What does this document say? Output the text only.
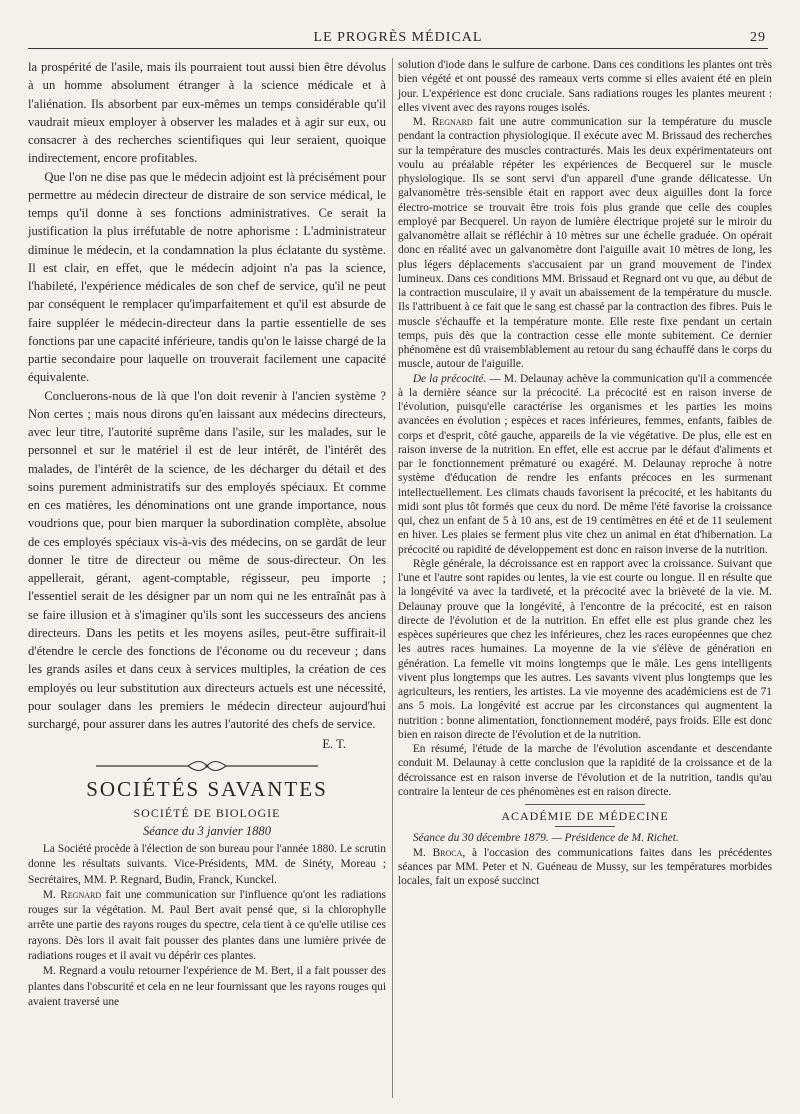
LE PROGRÈS MÉDICAL	29

la prospérité de l'asile, mais ils pourraient tout aussi bien être dévolus à un homme absolument étranger à la science médicale et à l'aliénation. Ils absorbent par eux-mêmes un temps considérable qu'il vaudrait mieux employer à observer les malades et à agir sur eux, ou consacrer à des recherches scientifiques qui leur seraient, quoique indirectement, encore profitables.

Que l'on ne dise pas que le médecin adjoint est là précisément pour permettre au médecin directeur de distraire de son service médical, le temps qu'il donne à ses fonctions administratives. Ce serait la justification la plus irréfutable de notre aphorisme : L'administrateur diminue le médecin, et la condamnation la plus éclatante du système. Il est clair, en effet, que le médecin adjoint n'a pas la science, l'habileté, l'expérience médicales de son chef de service, qu'il ne peut par conséquent le remplacer qu'imparfaitement et qu'il est absurde de faire suppléer le médecin-directeur dans la partie essentielle de ses fonctions par une capacité inférieure, tandis qu'on le laisse chargé de la partie secondaire pour laquelle on trouverait facilement une capacité équivalente.

Concluerons-nous de là que l'on doit revenir à l'ancien système ? Non certes ; mais nous dirons qu'en laissant aux médecins directeurs, avec leur titre, l'autorité suprême dans l'asile, sur les malades, sur le personnel et sur le matériel il est de leur intérêt, de l'intérêt des malades, de l'intérêt de la science, de les décharger du détail et des soins purement administratifs sur des employés spéciaux. Et comme en ces matières, les dénominations ont une grande importance, nous voudrions que, pour bien marquer la subordination complète, absolue de ces employés spéciaux vis-à-vis des médecins, on se gardât de leur donner le titre de directeur ou même de sous-directeur. On les appellerait, gérant, agent-comptable, régisseur, peu importe ; l'essentiel serait de les désigner par un nom qui ne les entraînât pas à se faire illusion et à s'imaginer qu'ils sont les successeurs des anciens directeurs. Dans les petits et les moyens asiles, peut-être suffirait-il d'étendre le cercle des fonctions de l'économe ou du receveur ; dans les grands asiles et dans ceux à services multiples, la création de ces employés ou leur substitution aux directeurs actuels est une nécessité, pour soulager dans les premiers le médecin directeur aujourd'hui surchargé, pour assurer dans les autres l'autorité des chefs de service.

E. T.

SOCIÉTÉS SAVANTES
SOCIÉTÉ DE BIOLOGIE
Séance du 3 janvier 1880

La Société procède à l'élection de son bureau pour l'année 1880. Le scrutin donne les résultats suivants. Vice-Présidents, MM. de Sinéty, Moreau ; Secrétaires, MM. P. Regnard, Budin, Franck, Kunckel.

M. Regnard fait une communication sur l'influence qu'ont les radiations rouges sur la végétation. M. Paul Bert avait pensé que, si la chlorophylle arrête une partie des rayons rouges du spectre, cela tient à ce qu'elle utilise ces rayons. Dès lors il avait fait pousser des plantes dans une lumière privée de radiations rouges et il avait vu dépérir ces plantes.

M. Regnard a voulu retourner l'expérience de M. Bert, il a fait pousser des plantes dans l'obscurité et cela en ne leur fournissant que les rayons rouges qui avaient traversé une

solution d'iode dans le sulfure de carbone. Dans ces conditions les plantes ont très bien végété et ont poussé des rameaux verts comme si elles avaient été en plein jour. L'expérience est donc cruciale. Sans radiations rouges les plantes meurent : elles vivent avec des rayons rouges isolés.

M. Regnard fait une autre communication sur la température du muscle pendant la contraction physiologique. Il exécute avec M. Brissaud des recherches sur la température des muscles contracturés. Mais les deux expérimentateurs ont voulu au préalable répéter les expériences de Becquerel sur le muscle physiologique. Ils se sont servi d'un appareil d'une grande délicatesse. Un galvanomètre très-sensible était en rapport avec deux aiguilles dont la force électro-motrice se trouvait être trois fois plus grande que celle des couples employé par Becquerel. Un rayon de lumière électrique projeté sur le miroir du galvanomètre allait se réfléchir à 10 mètres sur une échelle graduée. On opérait donc en réalité avec un galvanomètre dont l'aiguille avait 10 mètres de long, les plus légers déplacements s'accusaient par un grand mouvement de l'index lumineux. Dans ces conditions MM. Brissaud et Regnard ont vu que, au début de la contraction musculaire, il y avait un abaissement de la température du muscle. Ils l'attribuent à ce fait que le sang est chassé par la contraction des fibres. Puis le muscle s'échauffe et la température monte. Elle reste fixe pendant un certain temps, puis dès que la contraction cesse elle monte subitement. Ce dernier phénomène est dû vraisemblablement au retour du sang échauffé dans le corps du muscle, autour de l'aiguille.

De la précocité. — M. Delaunay achève la communication qu'il a commencée à la dernière séance sur la précocité. La précocité est en raison inverse de l'évolution, puisqu'elle caractérise les organismes et les parties les moins avancées en évolution ; espèces et races inférieures, femmes, enfants, faibles de corps et d'esprit, côté gauche, appareils de la vie végétative. De plus, elle est en raison inverse de la nutrition. En effet, elle est accrue par le défaut d'aliments et par le fonctionnement prématuré ou exagéré. M. Delaunay reproche à notre système d'éducation de rendre les enfants précoces en les surmenant intellectuellement. Les climats chauds favorisent la précocité, et les habitants du midi sont plus tôt formés que ceux du nord. De même l'été favorise la croissance qui, chez un enfant de 5 à 10 ans, est de 19 centimètres en été et de 11 seulement en hiver. Les plaies se ferment plus vite chez un animal en état d'hibernation. La précocité ou rapidité de développement est donc en raison inverse de la nutrition.

Règle générale, la décroissance est en rapport avec la croissance. Suivant que l'une et l'autre sont rapides ou lentes, la vie est courte ou longue. Il en résulte que la longévité va avec la tardiveté, et la précocité avec la brièveté de la vie. M. Delaunay prouve que la longévité, à l'encontre de la précocité, est en raison directe de l'évolution et de la nutrition. En effet elle est plus grande chez les espèces supérieures que chez les inférieures, chez les races européennes que chez les autres races humaines. La moyenne de la vie s'élève de génération en génération. La femelle vit moins longtemps que le mâle. Les gens intelligents vivent plus longtemps que les autres. Les savants vivent plus longtemps que les agriculteurs, les rentiers, les artistes. La vie moyenne des académiciens est de 71 ans 5 mois. La longévité est accrue par les circonstances qui augmentent la nutrition : bonne alimentation, fonctionnement modéré, pays froids. Elle est donc bien en raison directe de l'évolution et de la nutrition.

En résumé, l'étude de la marche de l'évolution ascendante et descendante conduit M. Delaunay à cette conclusion que la rapidité de la croissance et de la décroissance est en raison inverse de l'évolution et de la nutrition, tandis qu'au contraire la lenteur de ces phénomènes est en raison directe.

ACADÉMIE DE MÉDECINE

Séance du 30 décembre 1879. — Présidence de M. Richet.

M. Broca, à l'occasion des communications faites dans les précédentes séances par MM. Peter et N. Guéneau de Mussy, sur les températures morbides locales, fait un exposé succinct
